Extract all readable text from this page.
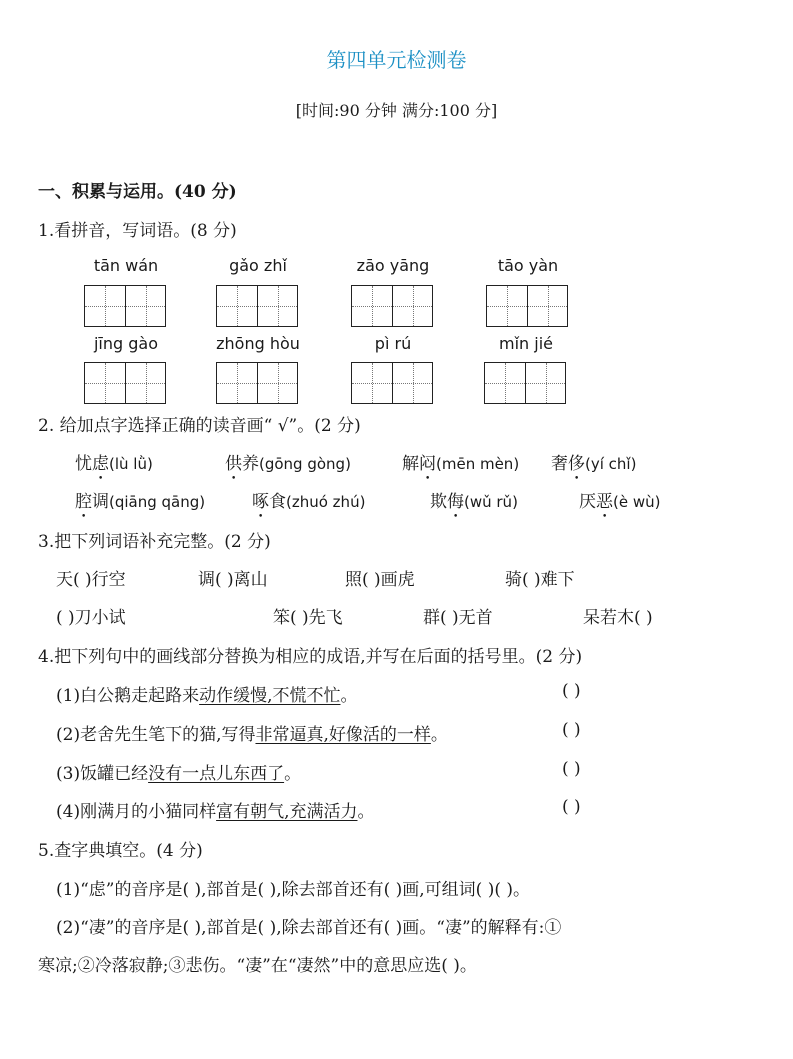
第四单元检测卷
[时间:90 分钟 满分:100 分]
一、积累与运用。(40 分)
1.看拼音，写词语。(8 分)
tān wán	gǎo zhǐ	zāo yāng	tāo yàn
jīng gào	zhōng hòu	pì rú	mǐn jié
2. 给加点字选择正确的读音画“ √”。(2 分)
忧虑(lù lǜ)	供养(gōng gòng)	解闷(mēn mèn) 奢侈(yí chǐ)
腔调(qiāng qāng)	啄食(zhuó zhú)	欺侮(wǔ rǔ)	厌恶(è wù)
3.把下列词语补充完整。(2 分)
天( )行空	调( )离山	照( )画虎	骑( )难下
( )刀小试	笨( )先飞	群( )无首	呆若木( )
4.把下列句中的画线部分替换为相应的成语,并写在后面的括号里。(2 分)
(1)白公鹅走起路来动作缓慢,不慌不忙。	( )
(2)老舍先生笔下的猫,写得非常逼真,好像活的一样。	( )
(3)饭罐已经没有一点儿东西了。	( )
(4)刚满月的小猫同样富有朝气,充满活力。	( )
5.查字典填空。(4 分)
(1)“虑”的音序是( ),部首是( ),除去部首还有( )画,可组词( )( )。
(2)“凄”的音序是( ),部首是( ),除去部首还有( )画。“凄”的解释有:①
寒凉;②冷落寂静;③悲伤。“凄”在“凄然”中的意思应选( )。
